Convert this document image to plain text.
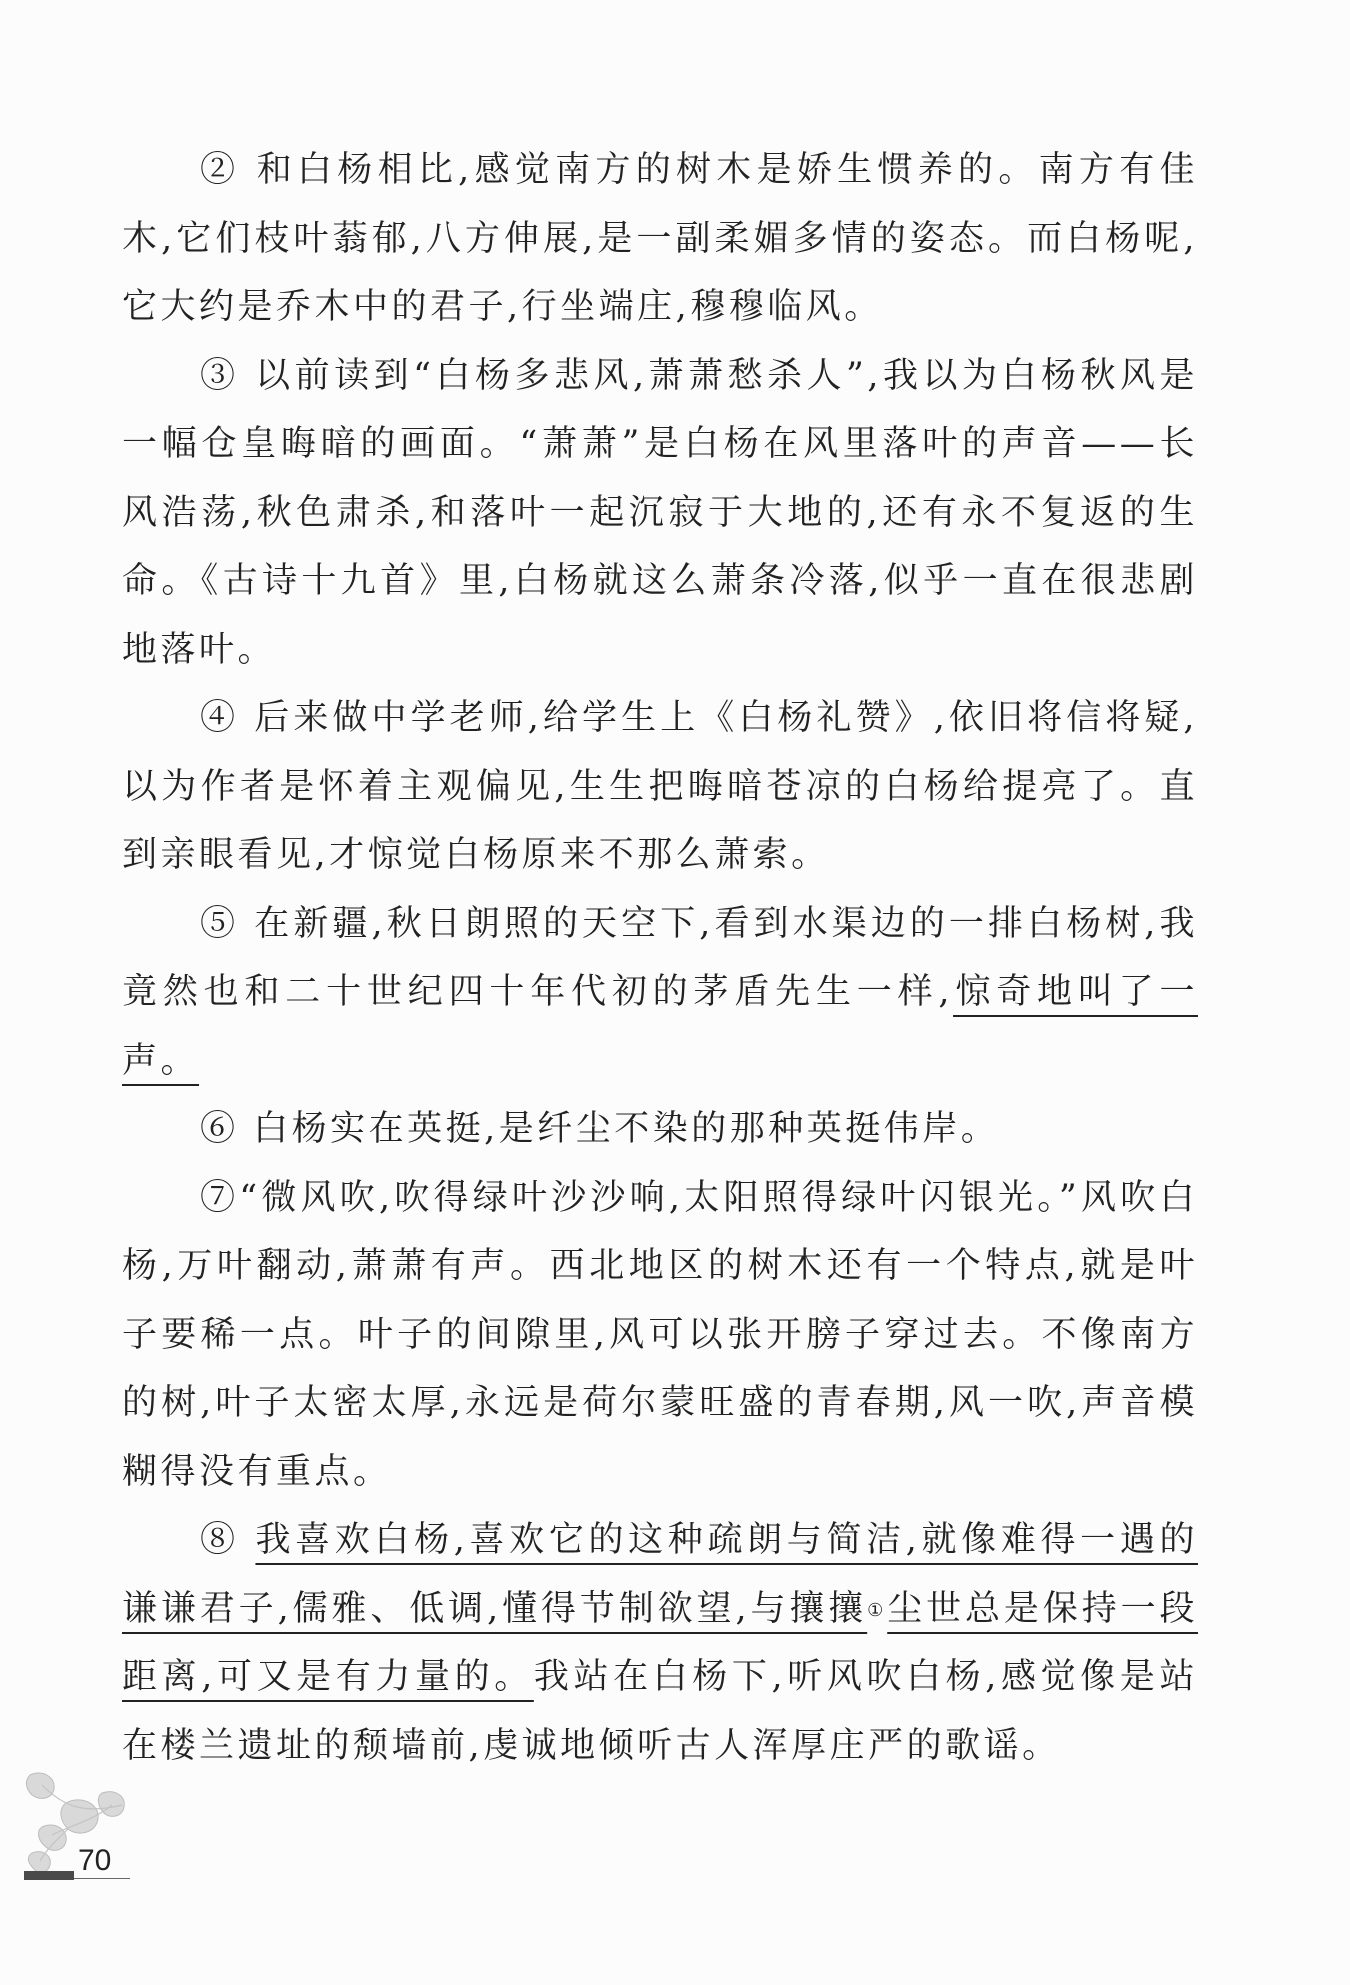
② 和白杨相比,感觉南方的树木是娇生惯养的。南方有佳木,它们枝叶蓊郁,八方伸展,是一副柔媚多情的姿态。而白杨呢,它大约是乔木中的君子,行坐端庄,穆穆临风。

③ 以前读到“白杨多悲风,萧萧愁杀人”,我以为白杨秋风是一幅仓皇晦暗的画面。“萧萧”是白杨在风里落叶的声音——长风浩荡,秋色肃杀,和落叶一起沉寂于大地的,还有永不复返的生命。《古诗十九首》里,白杨就这么萧条冷落,似乎一直在很悲剧地落叶。

④ 后来做中学老师,给学生上《白杨礼赞》,依旧将信将疑,以为作者是怀着主观偏见,生生把晦暗苍凉的白杨给提亮了。直到亲眼看见,才惊觉白杨原来不那么萧索。

⑤ 在新疆,秋日朗照的天空下,看到水渠边的一排白杨树,我竟然也和二十世纪四十年代初的茅盾先生一样,惊奇地叫了一声。

⑥ 白杨实在英挺,是纤尘不染的那种英挺伟岸。

⑦“微风吹,吹得绿叶沙沙响,太阳照得绿叶闪银光。”风吹白杨,万叶翻动,萧萧有声。西北地区的树木还有一个特点,就是叶子要稀一点。叶子的间隙里,风可以张开膀子穿过去。不像南方的树,叶子太密太厚,永远是荷尔蒙旺盛的青春期,风一吹,声音模糊得没有重点。

⑧ 我喜欢白杨,喜欢它的这种疏朗与简洁,就像难得一遇的谦谦君子,儒雅、低调,懂得节制欲望,与攘攘①尘世总是保持一段距离,可又是有力量的。我站在白杨下,听风吹白杨,感觉像是站在楼兰遗址的颓墙前,虔诚地倾听古人浑厚庄严的歌谣。

70
